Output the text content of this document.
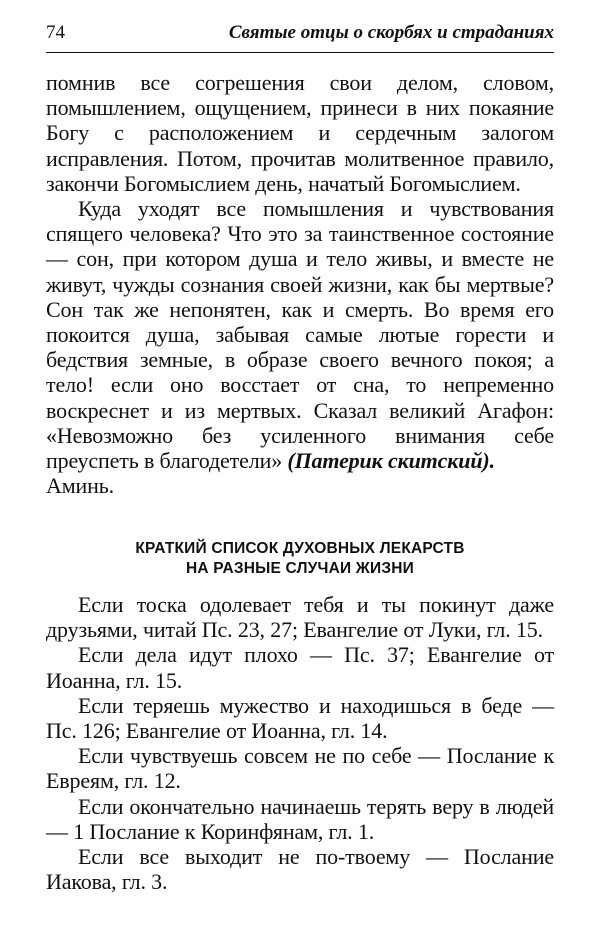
74	Святые отцы о скорбях и страданиях

помнив все согрешения свои делом, словом, помышлением, ощущением, принеси в них покаяние Богу с расположением и сердечным залогом исправления. Потом, прочитав молитвенное правило, закончи Богомыслием день, начатый Богомыслием.

Куда уходят все помышления и чувствования спящего человека? Что это за таинственное состояние — сон, при котором душа и тело живы, и вместе не живут, чужды сознания своей жизни, как бы мертвые? Сон так же непонятен, как и смерть. Во время его покоится душа, забывая самые лютые горести и бедствия земные, в образе своего вечного покоя; а тело! если оно восстает от сна, то непременно воскреснет и из мертвых. Сказал великий Агафон: «Невозможно без усиленного внимания себе преуспеть в благодетели» (Патерик скитский).
Аминь.

КРАТКИЙ СПИСОК ДУХОВНЫХ ЛЕКАРСТВ
НА РАЗНЫЕ СЛУЧАИ ЖИЗНИ

Если тоска одолевает тебя и ты покинут даже друзьями, читай Пс. 23, 27; Евангелие от Луки, гл. 15.

Если дела идут плохо — Пс. 37; Евангелие от Иоанна, гл. 15.

Если теряешь мужество и находишься в беде — Пс. 126; Евангелие от Иоанна, гл. 14.

Если чувствуешь совсем не по себе — Послание к Евреям, гл. 12.

Если окончательно начинаешь терять веру в людей — 1 Послание к Коринфянам, гл. 1.

Если все выходит не по-твоему — Послание Иакова, гл. 3.
